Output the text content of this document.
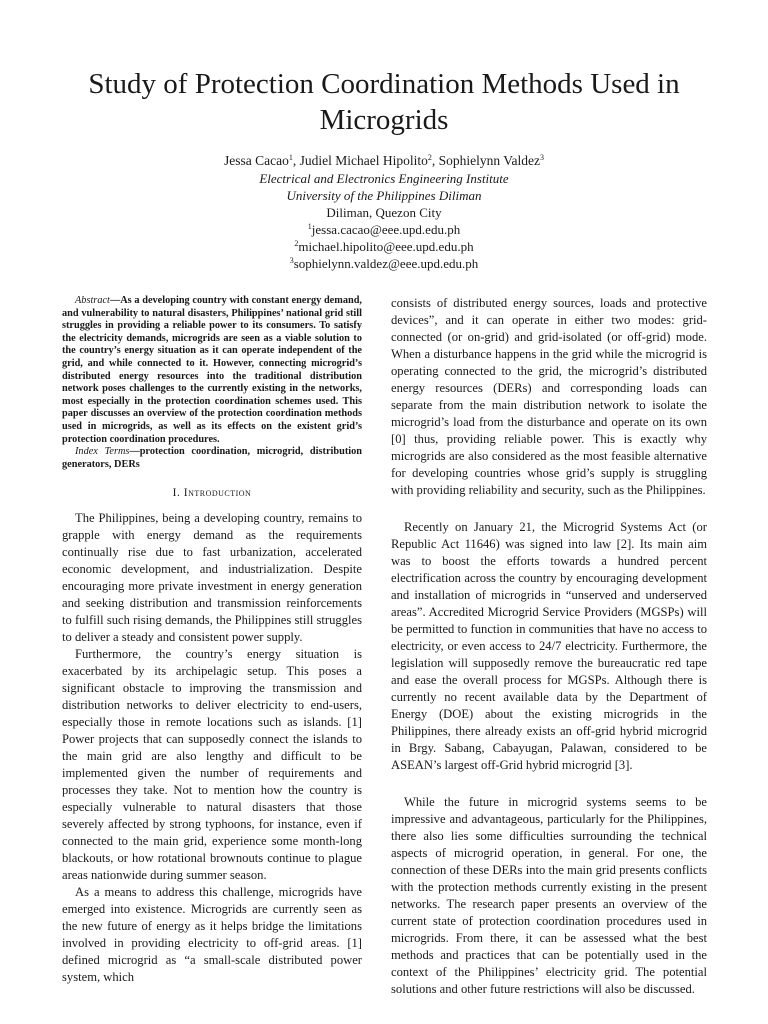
Study of Protection Coordination Methods Used in Microgrids
Jessa Cacao$^1$, Judiel Michael Hipolito$^2$, Sophielynn Valdez$^3$
Electrical and Electronics Engineering Institute
University of the Philippines Diliman
Diliman, Quezon City
$^1$jessa.cacao@eee.upd.edu.ph
$^2$michael.hipolito@eee.upd.edu.ph
$^3$sophielynn.valdez@eee.upd.edu.ph

Abstract—As a developing country with constant energy demand, and vulnerability to natural disasters, Philippines’ national grid still struggles in providing a reliable power to its consumers. To satisfy the electricity demands, microgrids are seen as a viable solution to the country’s energy situation as it can operate independent of the grid, and while connected to it. However, connecting microgrid’s distributed energy resources into the traditional distribution network poses challenges to the currently existing in the networks, most especially in the protection coordination schemes used. This paper discusses an overview of the protection coordination methods used in microgrids, as well as its effects on the existent grid’s protection coordination procedures.

Index Terms—protection coordination, microgrid, distribution generators, DERs

I. Introduction

The Philippines, being a developing country, remains to grapple with energy demand as the requirements continually rise due to fast urbanization, accelerated economic development, and industrialization. Despite encouraging more private investment in energy generation and seeking distribution and transmission reinforcements to fulfill such rising demands, the Philippines still struggles to deliver a steady and consistent power supply.

Furthermore, the country’s energy situation is exacerbated by its archipelagic setup. This poses a significant obstacle to improving the transmission and distribution networks to deliver electricity to end-users, especially those in remote locations such as islands. [1] Power projects that can supposedly connect the islands to the main grid are also lengthy and difficult to be implemented given the number of requirements and processes they take. Not to mention how the country is especially vulnerable to natural disasters that those severely affected by strong typhoons, for instance, even if connected to the main grid, experience some month-long blackouts, or how rotational brownouts continue to plague areas nationwide during summer season.

As a means to address this challenge, microgrids have emerged into existence. Microgrids are currently seen as the new future of energy as it helps bridge the limitations involved in providing electricity to off-grid areas. [1] defined microgrid as “a small-scale distributed power system, which

consists of distributed energy sources, loads and protective devices”, and it can operate in either two modes: grid-connected (or on-grid) and grid-isolated (or off-grid) mode. When a disturbance happens in the grid while the microgrid is operating connected to the grid, the microgrid’s distributed energy resources (DERs) and corresponding loads can separate from the main distribution network to isolate the microgrid’s load from the disturbance and operate on its own [0] thus, providing reliable power. This is exactly why microgrids are also considered as the most feasible alternative for developing countries whose grid’s supply is struggling with providing reliability and security, such as the Philippines.

Recently on January 21, the Microgrid Systems Act (or Republic Act 11646) was signed into law [2]. Its main aim was to boost the efforts towards a hundred percent electrification across the country by encouraging development and installation of microgrids in “unserved and underserved areas”. Accredited Microgrid Service Providers (MGSPs) will be permitted to function in communities that have no access to electricity, or even access to 24/7 electricity. Furthermore, the legislation will supposedly remove the bureaucratic red tape and ease the overall process for MGSPs. Although there is currently no recent available data by the Department of Energy (DOE) about the existing microgrids in the Philippines, there already exists an off-grid hybrid microgrid in Brgy. Sabang, Cabayugan, Palawan, considered to be ASEAN’s largest off-Grid hybrid microgrid [3].

While the future in microgrid systems seems to be impressive and advantageous, particularly for the Philippines, there also lies some difficulties surrounding the technical aspects of microgrid operation, in general. For one, the connection of these DERs into the main grid presents conflicts with the protection methods currently existing in the present networks. The research paper presents an overview of the current state of protection coordination procedures used in microgrids. From there, it can be assessed what the best methods and practices that can be potentially used in the context of the Philippines’ electricity grid. The potential solutions and other future restrictions will also be discussed.
